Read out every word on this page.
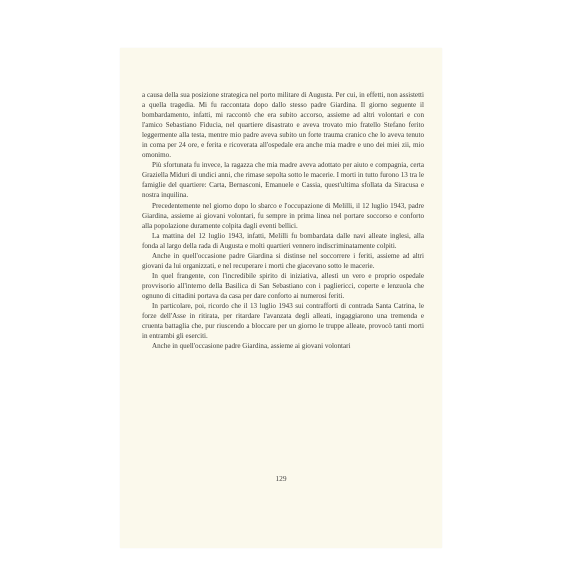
a causa della sua posizione strategica nel porto militare di Augusta. Per cui, in effetti, non assistetti a quella tragedia. Mi fu raccontata dopo dallo stesso padre Giardina. Il giorno seguente il bombardamento, infatti, mi raccontò che era subito accorso, assieme ad altri volontari e con l'amico Sebastiano Fiducia, nel quartiere disastrato e aveva trovato mio fratello Stefano ferito leggermente alla testa, mentre mio padre aveva subito un forte trauma cranico che lo aveva tenuto in coma per 24 ore, e ferita e ricoverata all'ospedale era anche mia madre e uno dei miei zii, mio omonimo.

Più sfortunata fu invece, la ragazza che mia madre aveva adottato per aiuto e compagnia, certa Graziella Miduri di undici anni, che rimase sepolta sotto le macerie. I morti in tutto furono 13 tra le famiglie del quartiere: Carta, Bernasconi, Emanuele e Cassia, quest'ultima sfollata da Siracusa e nostra inquilina.

Precedentemente nel giorno dopo lo sbarco e l'occupazione di Melilli, il 12 luglio 1943, padre Giardina, assieme ai giovani volontari, fu sempre in prima linea nel portare soccorso e conforto alla popolazione duramente colpita dagli eventi bellici.

La mattina del 12 luglio 1943, infatti, Melilli fu bombardata dalle navi alleate inglesi, alla fonda al largo della rada di Augusta e molti quartieri vennero indiscriminatamente colpiti.

Anche in quell'occasione padre Giardina si distinse nel soccorrere i feriti, assieme ad altri giovani da lui organizzati, e nel recuperare i morti che giacevano sotto le macerie.

In quel frangente, con l'incredibile spirito di iniziativa, allestì un vero e proprio ospedale provvisorio all'interno della Basilica di San Sebastiano con i pagliericci, coperte e lenzuola che ognuno di cittadini portava da casa per dare conforto ai numerosi feriti.

In particolare, poi, ricordo che il 13 luglio 1943 sui contrafforti di contrada Santa Catrina, le forze dell'Asse in ritirata, per ritardare l'avanzata degli alleati, ingaggiarono una tremenda e cruenta battaglia che, pur riuscendo a bloccare per un giorno le truppe alleate, provocò tanti morti in entrambi gli eserciti.

Anche in quell'occasione padre Giardina, assieme ai giovani volontari

129
